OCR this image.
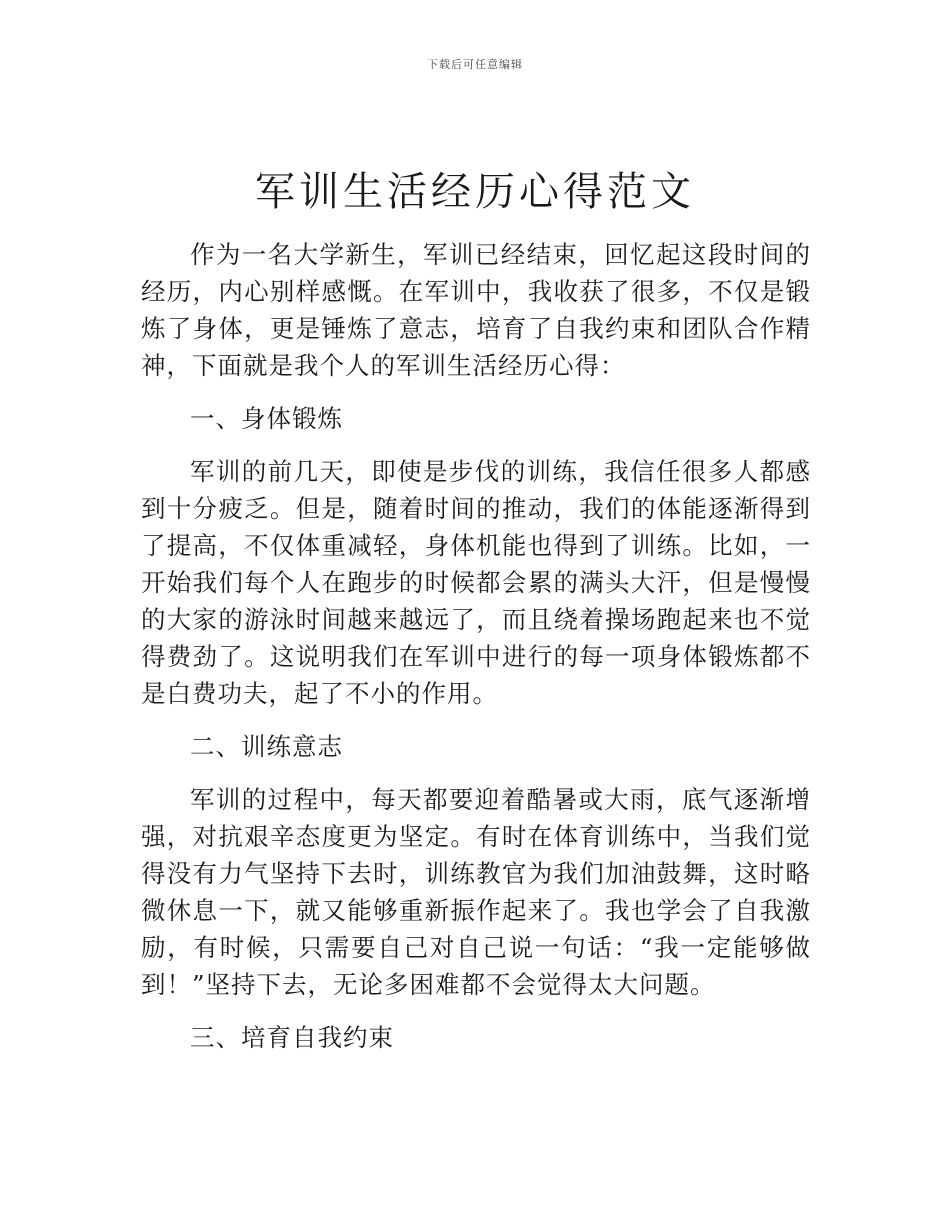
下载后可任意编辑
军训生活经历心得范文

作为一名大学新生，军训已经结束，回忆起这段时间的经历，内心别样感慨。在军训中，我收获了很多，不仅是锻炼了身体，更是锤炼了意志，培育了自我约束和团队合作精神，下面就是我个人的军训生活经历心得：

一、身体锻炼

军训的前几天，即使是步伐的训练，我信任很多人都感到十分疲乏。但是，随着时间的推动，我们的体能逐渐得到了提高，不仅体重减轻，身体机能也得到了训练。比如，一开始我们每个人在跑步的时候都会累的满头大汗，但是慢慢的大家的游泳时间越来越远了，而且绕着操场跑起来也不觉得费劲了。这说明我们在军训中进行的每一项身体锻炼都不是白费功夫，起了不小的作用。

二、训练意志

军训的过程中，每天都要迎着酷暑或大雨，底气逐渐增强，对抗艰辛态度更为坚定。有时在体育训练中，当我们觉得没有力气坚持下去时，训练教官为我们加油鼓舞，这时略微休息一下，就又能够重新振作起来了。我也学会了自我激励，有时候，只需要自己对自己说一句话：“我一定能够做到！”坚持下去，无论多困难都不会觉得太大问题。

三、培育自我约束
